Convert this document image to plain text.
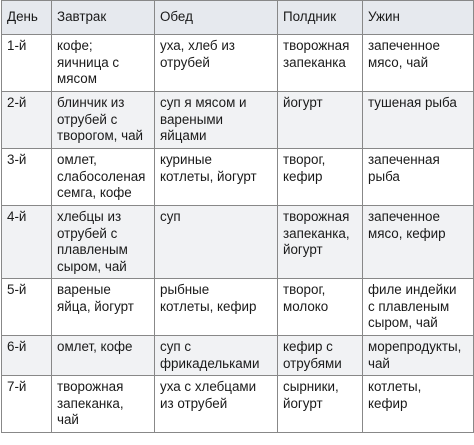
День	Завтрак	Обед	Полдник	Ужин
1-й	кофе;
яичница с
мясом	уха, хлеб из
отрубей	творожная
запеканка	запеченное
мясо, чай
2-й	блинчик из
отрубей с
творогом, чай	суп я мясом и
вареными
яйцами	йогурт	тушеная рыба
3-й	омлет,
слабосоленая
семга, кофе	куриные
котлеты, йогурт	творог,
кефир	запеченная
рыба
4-й	хлебцы из
отрубей с
плавленым
сыром, чай	суп	творожная
запеканка,
йогурт	запеченное
мясо, кефир
5-й	вареные
яйца, йогурт	рыбные
котлеты, кефир	творог,
молоко	филе индейки
с плавленым
сыром, чай
6-й	омлет, кофе	суп с
фрикадельками	кефир с
отрубями	морепродукты,
чай
7-й	творожная
запеканка,
чай	уха с хлебцами
из отрубей	сырники,
йогурт	котлеты,
кефир
